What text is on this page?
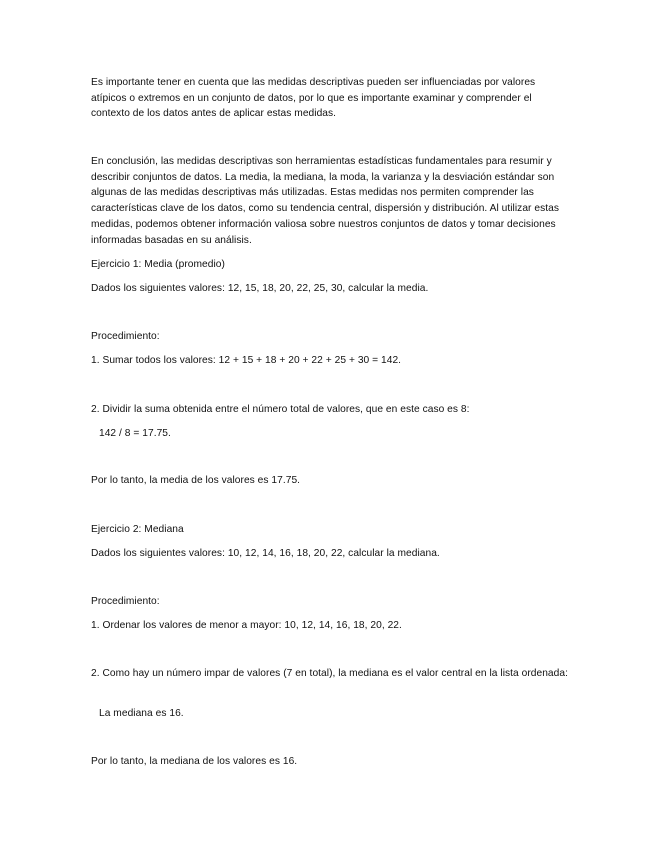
Es importante tener en cuenta que las medidas descriptivas pueden ser influenciadas por valores atípicos o extremos en un conjunto de datos, por lo que es importante examinar y comprender el contexto de los datos antes de aplicar estas medidas.

En conclusión, las medidas descriptivas son herramientas estadísticas fundamentales para resumir y describir conjuntos de datos. La media, la mediana, la moda, la varianza y la desviación estándar son algunas de las medidas descriptivas más utilizadas. Estas medidas nos permiten comprender las características clave de los datos, como su tendencia central, dispersión y distribución. Al utilizar estas medidas, podemos obtener información valiosa sobre nuestros conjuntos de datos y tomar decisiones informadas basadas en su análisis.

Ejercicio 1: Media (promedio)

Dados los siguientes valores: 12, 15, 18, 20, 22, 25, 30, calcular la media.

Procedimiento:

1. Sumar todos los valores: 12 + 15 + 18 + 20 + 22 + 25 + 30 = 142.

2. Dividir la suma obtenida entre el número total de valores, que en este caso es 8:

142 / 8 = 17.75.

Por lo tanto, la media de los valores es 17.75.

Ejercicio 2: Mediana

Dados los siguientes valores: 10, 12, 14, 16, 18, 20, 22, calcular la mediana.

Procedimiento:

1. Ordenar los valores de menor a mayor: 10, 12, 14, 16, 18, 20, 22.

2. Como hay un número impar de valores (7 en total), la mediana es el valor central en la lista ordenada:

La mediana es 16.

Por lo tanto, la mediana de los valores es 16.
